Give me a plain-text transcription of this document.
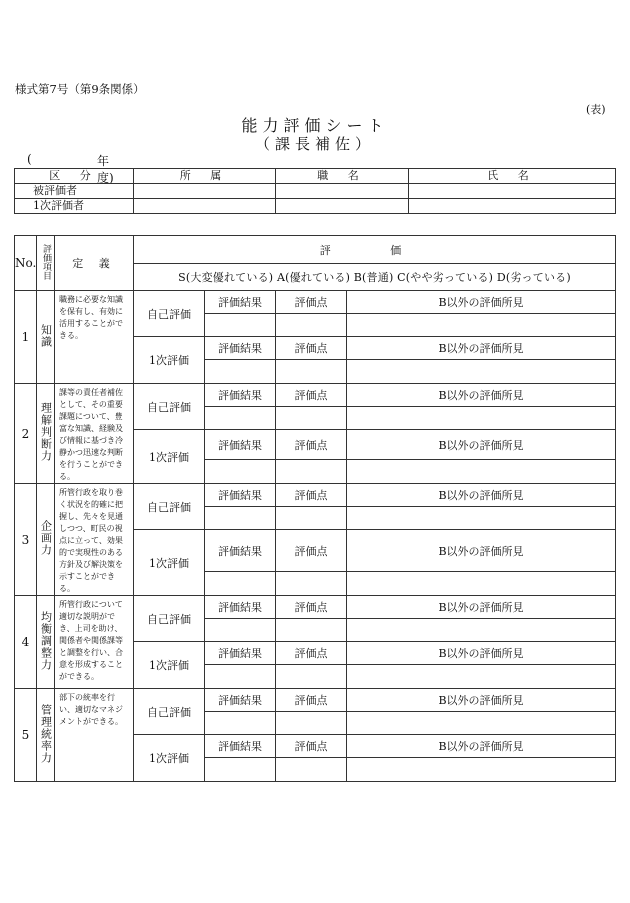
様式第7号（第9条関係）
(表)
能力評価シート
（課長補佐）
(	年度)
区 分	所 属	職 名	氏 名
被評価者			
1次評価者			
No.	評価項目	定 義	評 価			
			S(大変優れている) A(優れている) B(普通) C(やや劣っている) D(劣っている)			
1	知識	職務に必要な知識を保有し、有効に活用することができる。	自己評価	評価結果	評価点	B以外の評価所見

			1次評価	評価結果	評価点	B以外の評価所見

2	理解判断力	課等の責任者補佐として、その重要課題について、豊富な知識、経験及び情報に基づき冷静かつ迅速な判断を行うことができる。	自己評価	評価結果	評価点	B以外の評価所見

			1次評価	評価結果	評価点	B以外の評価所見

3	企画力	所管行政を取り巻く状況を的確に把握し、先々を見通しつつ、町民の視点に立って、効果的で実現性のある方針及び解決策を示すことができる。	自己評価	評価結果	評価点	B以外の評価所見

			1次評価	評価結果	評価点	B以外の評価所見

4	均衡調整力	所管行政について適切な説明ができ、上司を助け、関係者や関係課等と調整を行い、合意を形成することができる。	自己評価	評価結果	評価点	B以外の評価所見

			1次評価	評価結果	評価点	B以外の評価所見

5	管理統率力	部下の統率を行い、適切なマネジメントができる。	自己評価	評価結果	評価点	B以外の評価所見

			1次評価	評価結果	評価点	B以外の評価所見
